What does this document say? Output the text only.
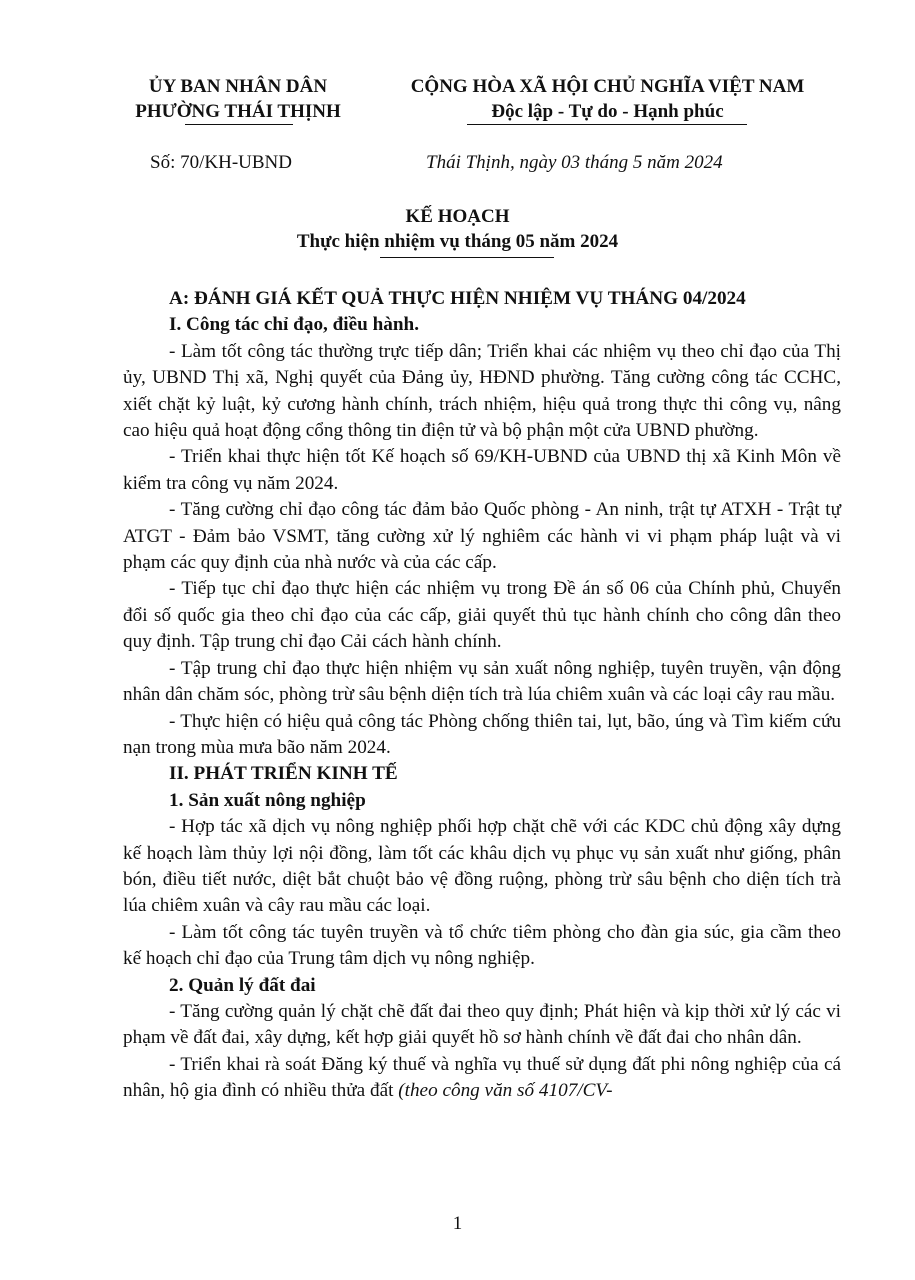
ỦY BAN NHÂN DÂN
PHƯỜNG THÁI THỊNH
CỘNG HÒA XÃ HỘI CHỦ NGHĨA VIỆT NAM
Độc lập - Tự do - Hạnh phúc
Số: 70/KH-UBND	Thái Thịnh, ngày 03 tháng 5 năm 2024
KẾ HOẠCH
Thực hiện nhiệm vụ tháng 05 năm 2024

A: ĐÁNH GIÁ KẾT QUẢ THỰC HIỆN NHIỆM VỤ THÁNG 04/2024

I. Công tác chỉ đạo, điều hành.

- Làm tốt công tác thường trực tiếp dân; Triển khai các nhiệm vụ theo chỉ đạo của Thị ủy, UBND Thị xã, Nghị quyết của Đảng ủy, HĐND phường. Tăng cường công tác CCHC, xiết chặt kỷ luật, kỷ cương hành chính, trách nhiệm, hiệu quả trong thực thi công vụ, nâng cao hiệu quả hoạt động cổng thông tin điện tử và bộ phận một cửa UBND phường.

- Triển khai thực hiện tốt Kế hoạch số 69/KH-UBND của UBND thị xã Kinh Môn về kiểm tra công vụ năm 2024.

- Tăng cường chỉ đạo công tác đảm bảo Quốc phòng - An ninh, trật tự ATXH - Trật tự ATGT - Đảm bảo VSMT, tăng cường xử lý nghiêm các hành vi vi phạm pháp luật và vi phạm các quy định của nhà nước và của các cấp.

- Tiếp tục chỉ đạo thực hiện các nhiệm vụ trong Đề án số 06 của Chính phủ, Chuyển đổi số quốc gia theo chỉ đạo của các cấp, giải quyết thủ tục hành chính cho công dân theo quy định. Tập trung chỉ đạo Cải cách hành chính.

- Tập trung chỉ đạo thực hiện nhiệm vụ sản xuất nông nghiệp, tuyên truyền, vận động nhân dân chăm sóc, phòng trừ sâu bệnh diện tích trà lúa chiêm xuân và các loại cây rau mầu.

- Thực hiện có hiệu quả công tác Phòng chống thiên tai, lụt, bão, úng và Tìm kiếm cứu nạn trong mùa mưa bão năm 2024.

II. PHÁT TRIỂN KINH TẾ

1. Sản xuất nông nghiệp

- Hợp tác xã dịch vụ nông nghiệp phối hợp chặt chẽ với các KDC chủ động xây dựng kế hoạch làm thủy lợi nội đồng, làm tốt các khâu dịch vụ phục vụ sản xuất như giống, phân bón, điều tiết nước, diệt bắt chuột bảo vệ đồng ruộng, phòng trừ sâu bệnh cho diện tích trà lúa chiêm xuân và cây rau mầu các loại.

- Làm tốt công tác tuyên truyền và tổ chức tiêm phòng cho đàn gia súc, gia cầm theo kế hoạch chỉ đạo của Trung tâm dịch vụ nông nghiệp.

2. Quản lý đất đai

- Tăng cường quản lý chặt chẽ đất đai theo quy định; Phát hiện và kịp thời xử lý các vi phạm về đất đai, xây dựng, kết hợp giải quyết hồ sơ hành chính về đất đai cho nhân dân.

- Triển khai rà soát Đăng ký thuế và nghĩa vụ thuế sử dụng đất phi nông nghiệp của cá nhân, hộ gia đình có nhiều thửa đất (theo công văn số 4107/CV-

1
